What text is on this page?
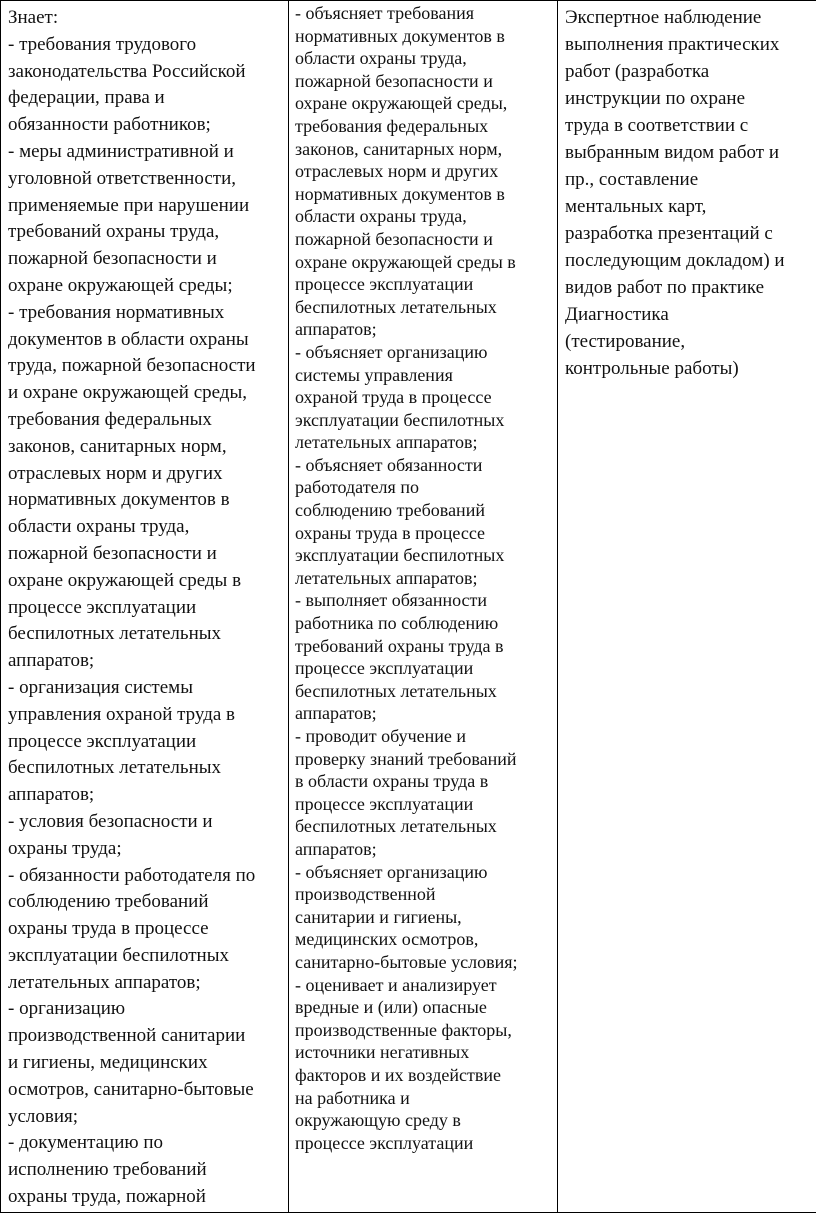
Знает:
- требования трудового
законодательства Российской
федерации, права и
обязанности работников;
- меры административной и
уголовной ответственности,
применяемые при нарушении
требований охраны труда,
пожарной безопасности и
охране окружающей среды;
- требования нормативных
документов в области охраны
труда, пожарной безопасности
и охране окружающей среды,
требования федеральных
законов, санитарных норм,
отраслевых норм и других
нормативных документов в
области охраны труда,
пожарной безопасности и
охране окружающей среды в
процессе эксплуатации
беспилотных летательных
аппаратов;
- организация системы
управления охраной труда в
процессе эксплуатации
беспилотных летательных
аппаратов;
- условия безопасности и
охраны труда;
- обязанности работодателя по
соблюдению требований
охраны труда в процессе
эксплуатации беспилотных
летательных аппаратов;
- организацию
производственной санитарии
и гигиены, медицинских
осмотров, санитарно-бытовые
условия;
- документацию по
исполнению требований
охраны труда, пожарной

- объясняет требования
нормативных документов в
области охраны труда,
пожарной безопасности и
охране окружающей среды,
требования федеральных
законов, санитарных норм,
отраслевых норм и других
нормативных документов в
области охраны труда,
пожарной безопасности и
охране окружающей среды в
процессе эксплуатации
беспилотных летательных
аппаратов;
- объясняет организацию
системы управления
охраной труда в процессе
эксплуатации беспилотных
летательных аппаратов;
- объясняет обязанности
работодателя по
соблюдению требований
охраны труда в процессе
эксплуатации беспилотных
летательных аппаратов;
- выполняет обязанности
работника по соблюдению
требований охраны труда в
процессе эксплуатации
беспилотных летательных
аппаратов;
- проводит обучение и
проверку знаний требований
в области охраны труда в
процессе эксплуатации
беспилотных летательных
аппаратов;
- объясняет организацию
производственной
санитарии и гигиены,
медицинских осмотров,
санитарно-бытовые условия;
- оценивает и анализирует
вредные и (или) опасные
производственные факторы,
источники негативных
факторов и их воздействие
на работника и
окружающую среду в
процессе эксплуатации

Экспертное наблюдение
выполнения практических
работ (разработка
инструкции по охране
труда в соответствии с
выбранным видом работ и
пр., составление
ментальных карт,
разработка презентаций с
последующим докладом) и
видов работ по практике
Диагностика
(тестирование,
контрольные работы)
